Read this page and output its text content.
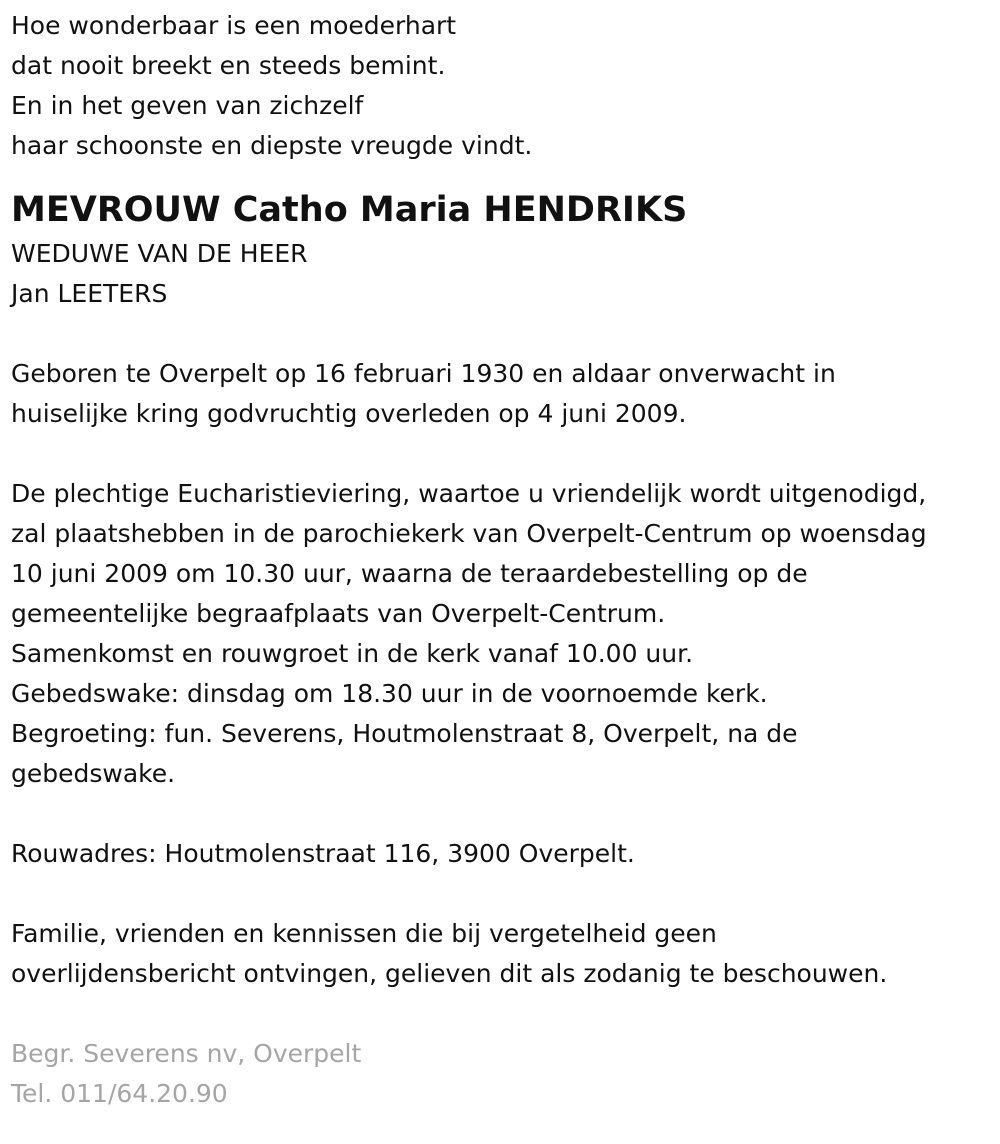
Hoe wonderbaar is een moederhart
dat nooit breekt en steeds bemint.
En in het geven van zichzelf
haar schoonste en diepste vreugde vindt.
MEVROUW Catho Maria HENDRIKS
WEDUWE VAN DE HEER
Jan LEETERS
Geboren te Overpelt op 16 februari 1930 en aldaar onverwacht in
huiselijke kring godvruchtig overleden op 4 juni 2009.
De plechtige Eucharistieviering, waartoe u vriendelijk wordt uitgenodigd,
zal plaatshebben in de parochiekerk van Overpelt-Centrum op woensdag
10 juni 2009 om 10.30 uur, waarna de teraardebestelling op de
gemeentelijke begraafplaats van Overpelt-Centrum.
Samenkomst en rouwgroet in de kerk vanaf 10.00 uur.
Gebedswake: dinsdag om 18.30 uur in de voornoemde kerk.
Begroeting: fun. Severens, Houtmolenstraat 8, Overpelt, na de
gebedswake.
Rouwadres: Houtmolenstraat 116, 3900 Overpelt.
Familie, vrienden en kennissen die bij vergetelheid geen
overlijdensbericht ontvingen, gelieven dit als zodanig te beschouwen.
Begr. Severens nv, Overpelt
Tel. 011/64.20.90
